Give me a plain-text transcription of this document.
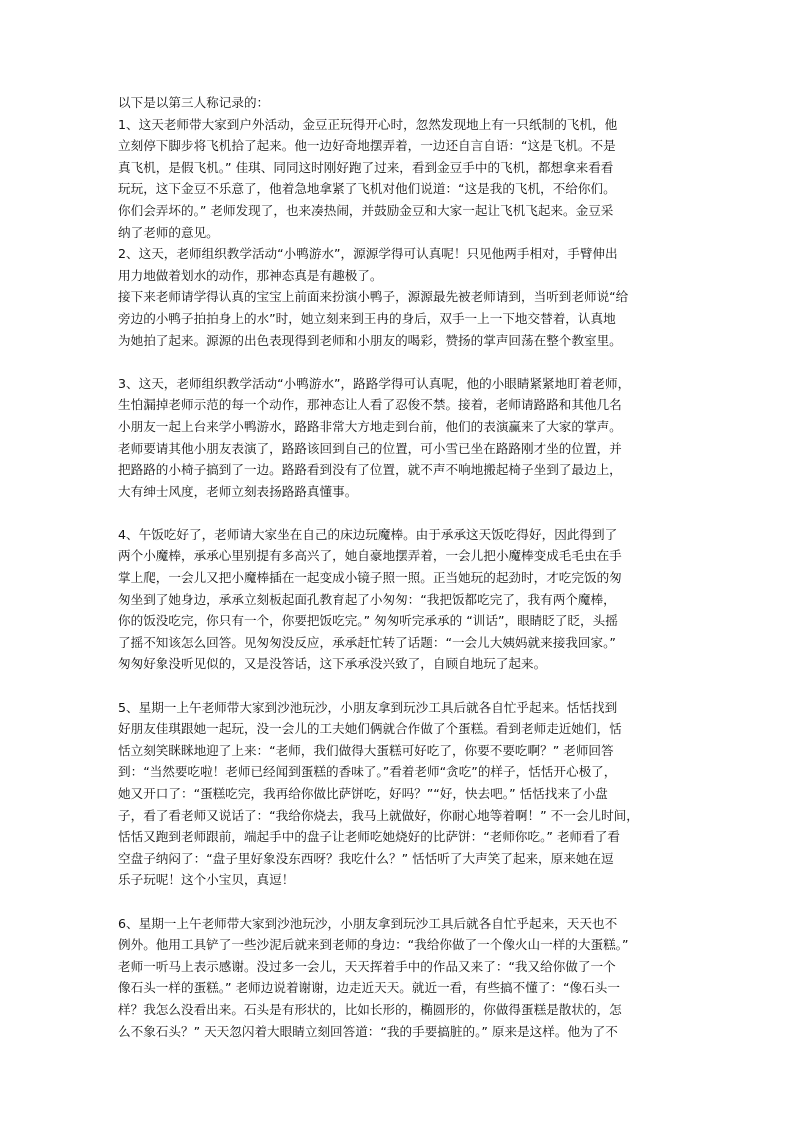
以下是以第三人称记录的：

1、这天老师带大家到户外活动，金豆正玩得开心时，忽然发现地上有一只纸制的飞机，他
立刻停下脚步将飞机拾了起来。他一边好奇地摆弄着，一边还自言自语：“这是飞机。不是
真飞机，是假飞机。” 佳琪、同同这时刚好跑了过来，看到金豆手中的飞机，都想拿来看看
玩玩，这下金豆不乐意了，他着急地拿紧了飞机对他们说道：“这是我的飞机，不给你们。
你们会弄坏的。” 老师发现了，也来凑热闹，并鼓励金豆和大家一起让飞机飞起来。金豆采
纳了老师的意见。
2、这天，老师组织教学活动“小鸭游水”，源源学得可认真呢！只见他两手相对，手臂伸出
用力地做着划水的动作，那神态真是有趣极了。
接下来老师请学得认真的宝宝上前面来扮演小鸭子，源源最先被老师请到，当听到老师说“给
旁边的小鸭子拍拍身上的水”时，她立刻来到王冉的身后，双手一上一下地交替着，认真地
为她拍了起来。源源的出色表现得到老师和小朋友的喝彩，赞扬的掌声回荡在整个教室里。
3、这天，老师组织教学活动“小鸭游水”，路路学得可认真呢，他的小眼睛紧紧地盯着老师，
生怕漏掉老师示范的每一个动作，那神态让人看了忍俊不禁。接着，老师请路路和其他几名
小朋友一起上台来学小鸭游水，路路非常大方地走到台前，他们的表演赢来了大家的掌声。
老师要请其他小朋友表演了，路路该回到自己的位置，可小雪已坐在路路刚才坐的位置，并
把路路的小椅子搞到了一边。路路看到没有了位置，就不声不响地搬起椅子坐到了最边上，
大有绅士风度，老师立刻表扬路路真懂事。
4、午饭吃好了，老师请大家坐在自己的床边玩魔棒。由于承承这天饭吃得好，因此得到了
两个小魔棒，承承心里别提有多高兴了，她自豪地摆弄着，一会儿把小魔棒变成毛毛虫在手
掌上爬，一会儿又把小魔棒插在一起变成小镜子照一照。正当她玩的起劲时，才吃完饭的匆
匆坐到了她身边，承承立刻板起面孔教育起了小匆匆：“我把饭都吃完了，我有两个魔棒，
你的饭没吃完，你只有一个，你要把饭吃完。” 匆匆听完承承的 “训话”，眼睛眨了眨，头摇
了摇不知该怎么回答。见匆匆没反应，承承赶忙转了话题：“一会儿大姨妈就来接我回家。”
匆匆好象没听见似的，又是没答话，这下承承没兴致了，自顾自地玩了起来。
5、星期一上午老师带大家到沙池玩沙，小朋友拿到玩沙工具后就各自忙乎起来。恬恬找到
好朋友佳琪跟她一起玩，没一会儿的工夫她们俩就合作做了个蛋糕。看到老师走近她们，恬
恬立刻笑眯眯地迎了上来：“老师，我们做得大蛋糕可好吃了，你要不要吃啊？” 老师回答
到：“当然要吃啦！老师已经闻到蛋糕的香味了。”看着老师“贪吃”的样子，恬恬开心极了，
她又开口了：“蛋糕吃完，我再给你做比萨饼吃，好吗？”“好，快去吧。” 恬恬找来了小盘
子，看了看老师又说话了：“我给你烧去，我马上就做好，你耐心地等着啊！” 不一会儿时间，
恬恬又跑到老师跟前，端起手中的盘子让老师吃她烧好的比萨饼：“老师你吃。” 老师看了看
空盘子纳闷了：“盘子里好象没东西呀？我吃什么？” 恬恬听了大声笑了起来，原来她在逗
乐子玩呢！这个小宝贝，真逗！
6、星期一上午老师带大家到沙池玩沙，小朋友拿到玩沙工具后就各自忙乎起来，天天也不
例外。他用工具铲了一些沙泥后就来到老师的身边：“我给你做了一个像火山一样的大蛋糕。”
老师一听马上表示感谢。没过多一会儿，天天挥着手中的作品又来了：“我又给你做了一个
像石头一样的蛋糕。” 老师边说着谢谢，边走近天天。就近一看，有些搞不懂了：“像石头一
样？我怎么没看出来。石头是有形状的，比如长形的，椭圆形的，你做得蛋糕是散状的，怎
么不象石头？” 天天忽闪着大眼睛立刻回答道：“我的手要搞脏的。” 原来是这样。他为了不
